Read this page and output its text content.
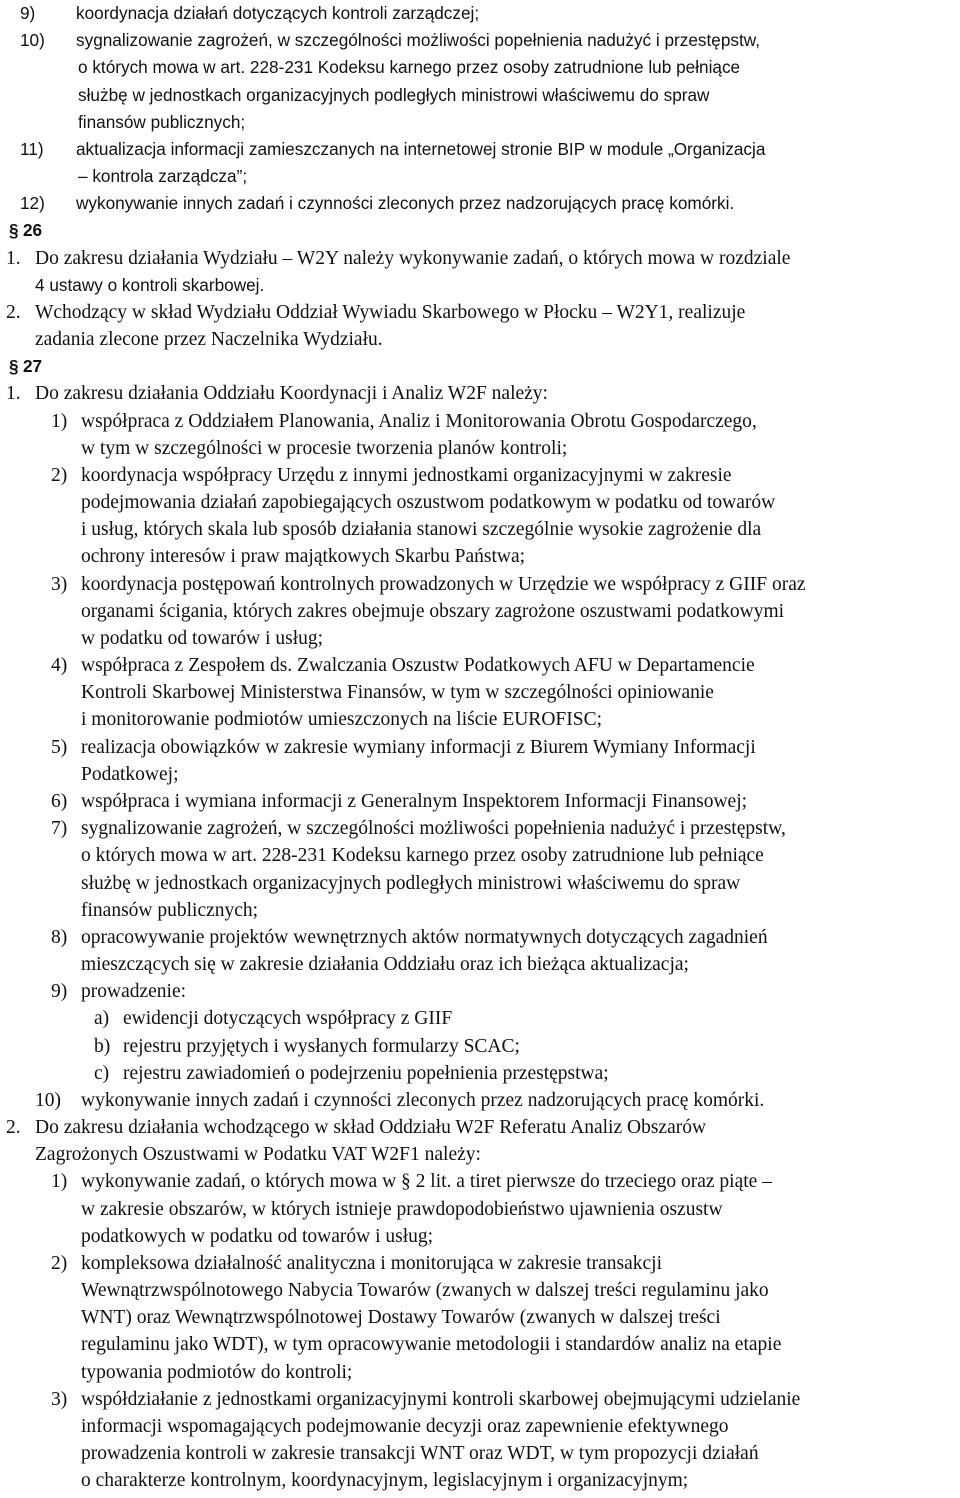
9) koordynacja działań dotyczących kontroli zarządczej;
10) sygnalizowanie zagrożeń, w szczególności możliwości popełnienia nadużyć i przestępstw,
o których mowa w art. 228-231 Kodeksu karnego przez osoby zatrudnione lub pełniące
służbę w jednostkach organizacyjnych podległych ministrowi właściwemu do spraw
finansów publicznych;
11) aktualizacja informacji zamieszczanych na internetowej stronie BIP w module „Organizacja
– kontrola zarządcza”;
12) wykonywanie innych zadań i czynności zleconych przez nadzorujących pracę komórki.
§ 26
1. Do zakresu działania Wydziału – W2Y należy wykonywanie zadań, o których mowa w rozdziale
4 ustawy o kontroli skarbowej.
2. Wchodzący w skład Wydziału Oddział Wywiadu Skarbowego w Płocku – W2Y1, realizuje
zadania zlecone przez Naczelnika Wydziału.
§ 27
1. Do zakresu działania Oddziału Koordynacji i Analiz W2F należy:
1) współpraca z Oddziałem Planowania, Analiz i Monitorowania Obrotu Gospodarczego,
w tym w szczególności w procesie tworzenia planów kontroli;
2) koordynacja współpracy Urzędu z innymi jednostkami organizacyjnymi w zakresie
podejmowania działań zapobiegających oszustwom podatkowym w podatku od towarów
i usług, których skala lub sposób działania stanowi szczególnie wysokie zagrożenie dla
ochrony interesów i praw majątkowych Skarbu Państwa;
3) koordynacja postępowań kontrolnych prowadzonych w Urzędzie we współpracy z GIIF oraz
organami ścigania, których zakres obejmuje obszary zagrożone oszustwami podatkowymi
w podatku od towarów i usług;
4) współpraca z Zespołem ds. Zwalczania Oszustw Podatkowych AFU w Departamencie
Kontroli Skarbowej Ministerstwa Finansów, w tym w szczególności opiniowanie
i monitorowanie podmiotów umieszczonych na liście EUROFISC;
5) realizacja obowiązków w zakresie wymiany informacji z Biurem Wymiany Informacji
Podatkowej;
6) współpraca i wymiana informacji z Generalnym Inspektorem Informacji Finansowej;
7) sygnalizowanie zagrożeń, w szczególności możliwości popełnienia nadużyć i przestępstw,
o których mowa w art. 228-231 Kodeksu karnego przez osoby zatrudnione lub pełniące
służbę w jednostkach organizacyjnych podległych ministrowi właściwemu do spraw
finansów publicznych;
8) opracowywanie projektów wewnętrznych aktów normatywnych dotyczących zagadnień
mieszczących się w zakresie działania Oddziału oraz ich bieżąca aktualizacja;
9) prowadzenie:
a) ewidencji dotyczących współpracy z GIIF
b) rejestru przyjętych i wysłanych formularzy SCAC;
c) rejestru zawiadomień o podejrzeniu popełnienia przestępstwa;
10) wykonywanie innych zadań i czynności zleconych przez nadzorujących pracę komórki.
2. Do zakresu działania wchodzącego w skład Oddziału W2F Referatu Analiz Obszarów
Zagrożonych Oszustwami w Podatku VAT W2F1 należy:
1) wykonywanie zadań, o których mowa w § 2 lit. a tiret pierwsze do trzeciego oraz piąte –
w zakresie obszarów, w których istnieje prawdopodobieństwo ujawnienia oszustw
podatkowych w podatku od towarów i usług;
2) kompleksowa działalność analityczna i monitorująca w zakresie transakcji
Wewnątrzwspólnotowego Nabycia Towarów (zwanych w dalszej treści regulaminu jako
WNT) oraz Wewnątrzwspólnotowej Dostawy Towarów (zwanych w dalszej treści
regulaminu jako WDT), w tym opracowywanie metodologii i standardów analiz na etapie
typowania podmiotów do kontroli;
3) współdziałanie z jednostkami organizacyjnymi kontroli skarbowej obejmującymi udzielanie
informacji wspomagających podejmowanie decyzji oraz zapewnienie efektywnego
prowadzenia kontroli w zakresie transakcji WNT oraz WDT, w tym propozycji działań
o charakterze kontrolnym, koordynacyjnym, legislacyjnym i organizacyjnym;
